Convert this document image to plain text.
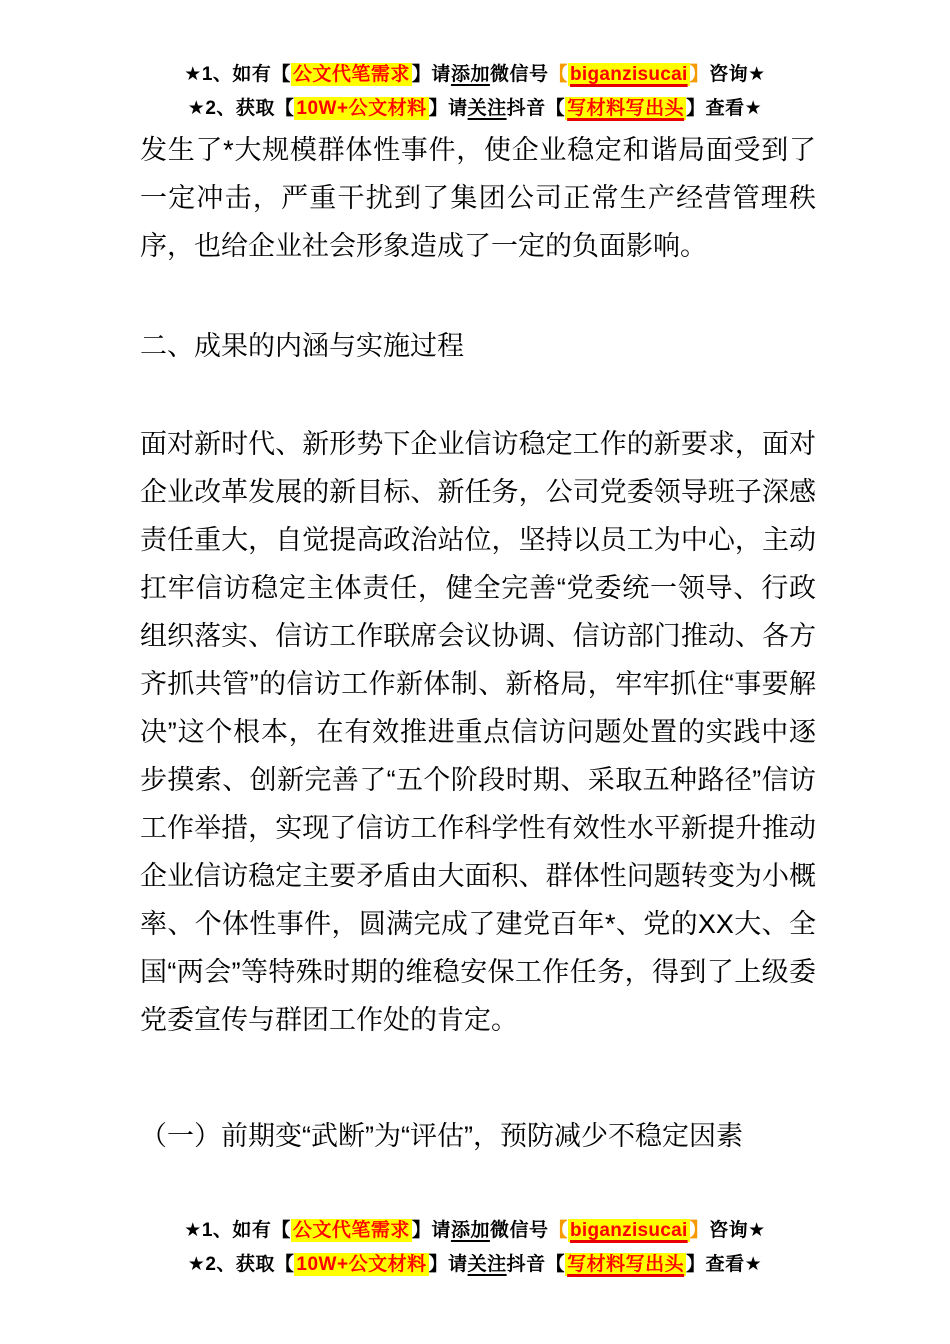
★1、如有【 公文代笔需求 】请添加微信号【 biganzisucai 】咨询★
★2、获取【 10W+公文材料 】请关注抖音【 写材料写出头 】查看★

发生了*大规模群体性事件，使企业稳定和谐局面受到了一定冲击，严重干扰到了集团公司正常生产经营管理秩序，也给企业社会形象造成了一定的负面影响。

二、成果的内涵与实施过程

面对新时代、新形势下企业信访稳定工作的新要求，面对企业改革发展的新目标、新任务，公司党委领导班子深感责任重大，自觉提高政治站位，坚持以员工为中心，主动扛牢信访稳定主体责任，健全完善“党委统一领导、行政组织落实、信访工作联席会议协调、信访部门推动、各方齐抓共管”的信访工作新体制、新格局，牢牢抓住“事要解决”这个根本，在有效推进重点信访问题处置的实践中逐步摸索、创新完善了“五个阶段时期、采取五种路径”信访工作举措，实现了信访工作科学性有效性水平新提升推动企业信访稳定主要矛盾由大面积、群体性问题转变为小概率、个体性事件，圆满完成了建党百年*、党的XX大、全国“两会”等特殊时期的维稳安保工作任务，得到了上级委党委宣传与群团工作处的肯定。

（一）前期变“武断”为“评估”，预防减少不稳定因素

★1、如有【 公文代笔需求 】请添加微信号【 biganzisucai 】咨询★
★2、获取【 10W+公文材料 】请关注抖音【 写材料写出头 】查看★
